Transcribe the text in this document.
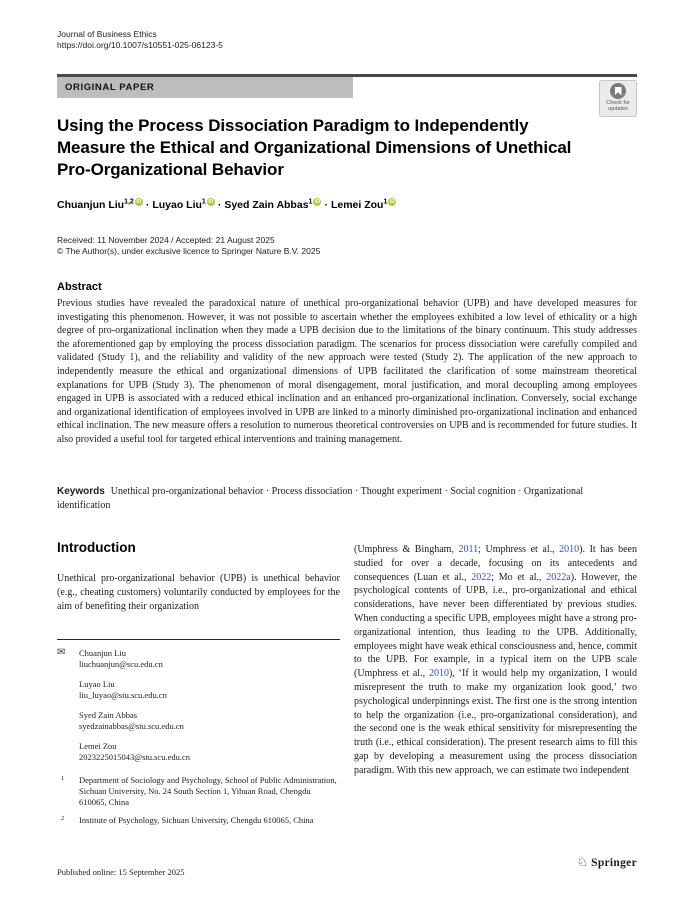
Journal of Business Ethics
https://doi.org/10.1007/s10551-025-06123-5
ORIGINAL PAPER
Check for
updates
Using the Process Dissociation Paradigm to Independently
Measure the Ethical and Organizational Dimensions of Unethical
Pro-Organizational Behavior
Chuanjun Liu$^{1,2}$ iD · Luyao Liu$^1$ iD · Syed Zain Abbas$^1$ iD · Lemei Zou$^1$ iD
Received: 11 November 2024 / Accepted: 21 August 2025
© The Author(s), under exclusive licence to Springer Nature B.V. 2025
Abstract
Previous studies have revealed the paradoxical nature of unethical pro-organizational behavior (UPB) and have developed measures for investigating this phenomenon. However, it was not possible to ascertain whether the employees exhibited a low level of ethicality or a high degree of pro-organizational inclination when they made a UPB decision due to the limitations of the binary continuum. This study addresses the aforementioned gap by employing the process dissociation paradigm. The scenarios for process dissociation were carefully compiled and validated (Study 1), and the reliability and validity of the new approach were tested (Study 2). The application of the new approach to independently measure the ethical and organizational dimensions of UPB facilitated the clarification of some mainstream theoretical explanations for UPB (Study 3). The phenomenon of moral disengagement, moral justification, and moral decoupling among employees engaged in UPB is associated with a reduced ethical inclination and an enhanced pro-organizational inclination. Conversely, social exchange and organizational identification of employees involved in UPB are linked to a minorly diminished pro-organizational inclination and enhanced ethical inclination. The new measure offers a resolution to numerous theoretical controversies on UPB and is recommended for future studies. It also provided a useful tool for targeted ethical interventions and training management.
Keywords Unethical pro-organizational behavior · Process dissociation · Thought experiment · Social cognition · Organizational identification
Introduction

Unethical pro-organizational behavior (UPB) is unethical behavior (e.g., cheating customers) voluntarily conducted by employees for the aim of benefiting their organization

✉ Chuanjun Liu
liuchuanjun@scu.edu.cn
Luyao Liu
liu_luyao@stu.scu.edu.cn
Syed Zain Abbas
syedzainabbas@stu.scu.edu.cn
Lemei Zou
2023225015043@stu.scu.edu.cn
1 Department of Sociology and Psychology, School of Public Administration, Sichuan University, No. 24 South Section 1, Yihuan Road, Chengdu 610065, China
2 Institute of Psychology, Sichuan University, Chengdu 610065, China
(Umphress & Bingham, 2011; Umphress et al., 2010). It has been studied for over a decade, focusing on its antecedents and consequences (Luan et al., 2022; Mo et al., 2022a). However, the psychological contents of UPB, i.e., pro-organizational and ethical considerations, have never been differentiated by previous studies. When conducting a specific UPB, employees might have a strong pro-organizational intention, thus leading to the UPB. Additionally, employees might have weak ethical consciousness and, hence, commit to the UPB. For example, in a typical item on the UPB scale (Umphress et al., 2010), ‘If it would help my organization, I would misrepresent the truth to make my organization look good,’ two psychological underpinnings exist. The first one is the strong intention to help the organization (i.e., pro-organizational consideration), and the second one is the weak ethical sensitivity for misrepresenting the truth (i.e., ethical consideration). The present research aims to fill this gap by developing a measurement using the process dissociation paradigm. With this new approach, we can estimate two independent
Published online: 15 September 2025
♘ Springer
